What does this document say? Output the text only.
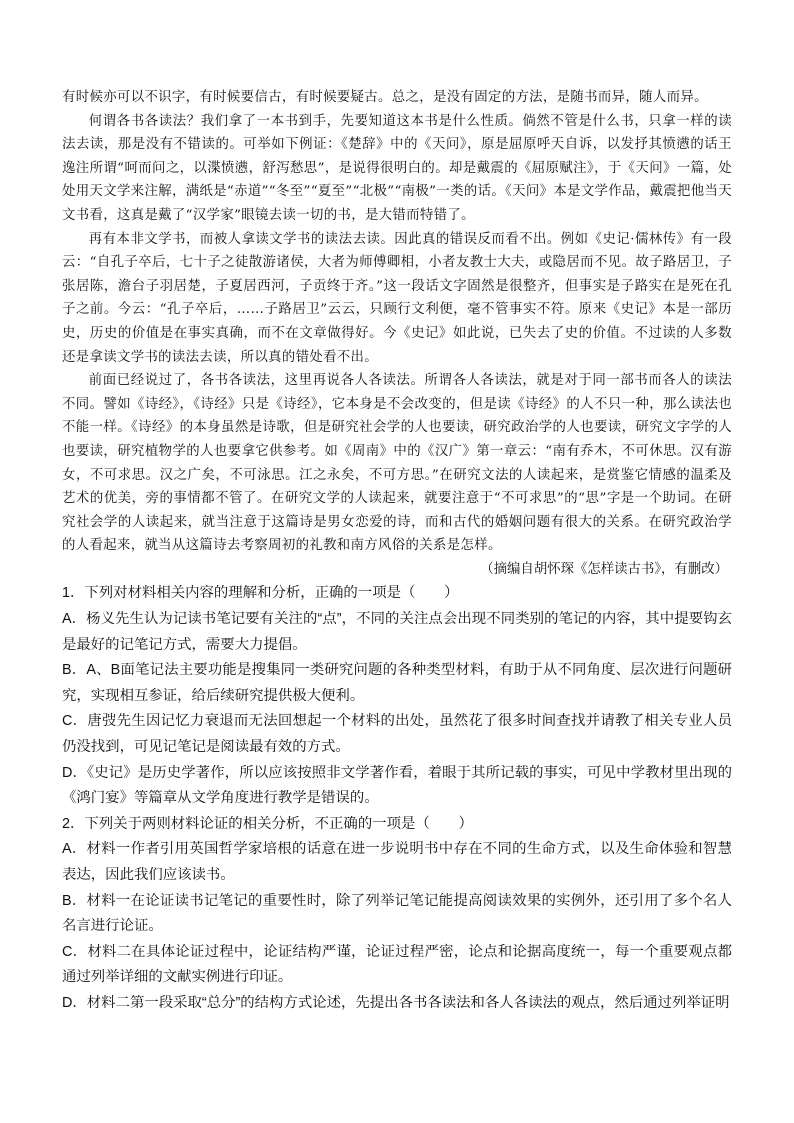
有时候亦可以不识字，有时候要信古，有时候要疑古。总之，是没有固定的方法，是随书而异，随人而异。

何谓各书各读法？我们拿了一本书到手，先要知道这本书是什么性质。倘然不管是什么书，只拿一样的读法去读，那是没有不错读的。可举如下例证：《楚辞》中的《天问》，原是屈原呼天自诉，以发抒其愤懑的话王逸注所谓“呵而问之，以渫愤懑，舒泻愁思”，是说得很明白的。却是戴震的《屈原赋注》，于《天问》一篇，处处用天文学来注解，满纸是“赤道”“冬至”“夏至”“北极”“南极”一类的话。《天问》本是文学作品，戴震把他当天文书看，这真是戴了“汉学家”眼镜去读一切的书，是大错而特错了。

再有本非文学书，而被人拿读文学书的读法去读。因此真的错误反而看不出。例如《史记·儒林传》有一段云：“自孔子卒后，七十子之徒散游诸侯，大者为师傅卿相，小者友教士大夫，或隐居而不见。故子路居卫，子张居陈，澹台子羽居楚，子夏居西河，子贡终于齐。”这一段话文字固然是很整齐，但事实是子路实在是死在孔子之前。今云：“孔子卒后，……子路居卫”云云，只顾行文利便，毫不管事实不符。原来《史记》本是一部历史，历史的价值是在事实真确，而不在文章做得好。今《史记》如此说，已失去了史的价值。不过读的人多数还是拿读文学书的读法去读，所以真的错处看不出。

前面已经说过了，各书各读法，这里再说各人各读法。所谓各人各读法，就是对于同一部书而各人的读法不同。譬如《诗经》，《诗经》只是《诗经》，它本身是不会改变的，但是读《诗经》的人不只一种，那么读法也不能一样。《诗经》的本身虽然是诗歌，但是研究社会学的人也要读，研究政治学的人也要读，研究文字学的人也要读，研究植物学的人也要拿它供参考。如《周南》中的《汉广》第一章云：“南有乔木，不可休思。汉有游女，不可求思。汉之广矣，不可泳思。江之永矣，不可方思。”在研究文法的人读起来，是赏鉴它情感的温柔及艺术的优美，旁的事情都不管了。在研究文学的人读起来，就要注意于“不可求思”的“思”字是一个助词。在研究社会学的人读起来，就当注意于这篇诗是男女恋爱的诗，而和古代的婚姻问题有很大的关系。在研究政治学的人看起来，就当从这篇诗去考察周初的礼教和南方风俗的关系是怎样。

（摘编自胡怀琛《怎样读古书》，有删改）

1．下列对材料相关内容的理解和分析，正确的一项是（　　）

A．杨义先生认为记读书笔记要有关注的“点”，不同的关注点会出现不同类别的笔记的内容，其中提要钩玄是最好的记笔记方式，需要大力提倡。

B．A、B面笔记法主要功能是搜集同一类研究问题的各种类型材料，有助于从不同角度、层次进行问题研究，实现相互参证，给后续研究提供极大便利。

C．唐弢先生因记忆力衰退而无法回想起一个材料的出处，虽然花了很多时间查找并请教了相关专业人员仍没找到，可见记笔记是阅读最有效的方式。

D．《史记》是历史学著作，所以应该按照非文学著作看，着眼于其所记载的事实，可见中学教材里出现的《鸿门宴》等篇章从文学角度进行教学是错误的。

2．下列关于两则材料论证的相关分析，不正确的一项是（　　）

A．材料一作者引用英国哲学家培根的话意在进一步说明书中存在不同的生命方式，以及生命体验和智慧表达，因此我们应该读书。

B．材料一在论证读书记笔记的重要性时，除了列举记笔记能提高阅读效果的实例外，还引用了多个名人名言进行论证。

C．材料二在具体论证过程中，论证结构严谨，论证过程严密，论点和论据高度统一，每一个重要观点都通过列举详细的文献实例进行印证。

D．材料二第一段采取“总分”的结构方式论述，先提出各书各读法和各人各读法的观点，然后通过列举证明
